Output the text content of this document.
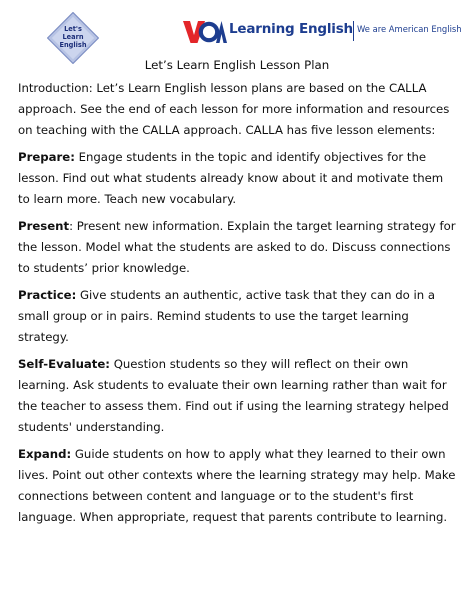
Let's
Learn
English
Learning English We are American English
Let’s Learn English Lesson Plan

Introduction: Let’s Learn English lesson plans are based on the CALLA approach. See the end of each lesson for more information and resources on teaching with the CALLA approach. CALLA has five lesson elements:

Prepare: Engage students in the topic and identify objectives for the lesson. Find out what students already know about it and motivate them to learn more. Teach new vocabulary.

Present: Present new information. Explain the target learning strategy for the lesson. Model what the students are asked to do. Discuss connections to students’ prior knowledge.

Practice: Give students an authentic, active task that they can do in a small group or in pairs. Remind students to use the target learning strategy.

Self-Evaluate: Question students so they will reflect on their own learning. Ask students to evaluate their own learning rather than wait for the teacher to assess them. Find out if using the learning strategy helped students' understanding.

Expand: Guide students on how to apply what they learned to their own lives. Point out other contexts where the learning strategy may help. Make connections between content and language or to the student's first language. When appropriate, request that parents contribute to learning.
